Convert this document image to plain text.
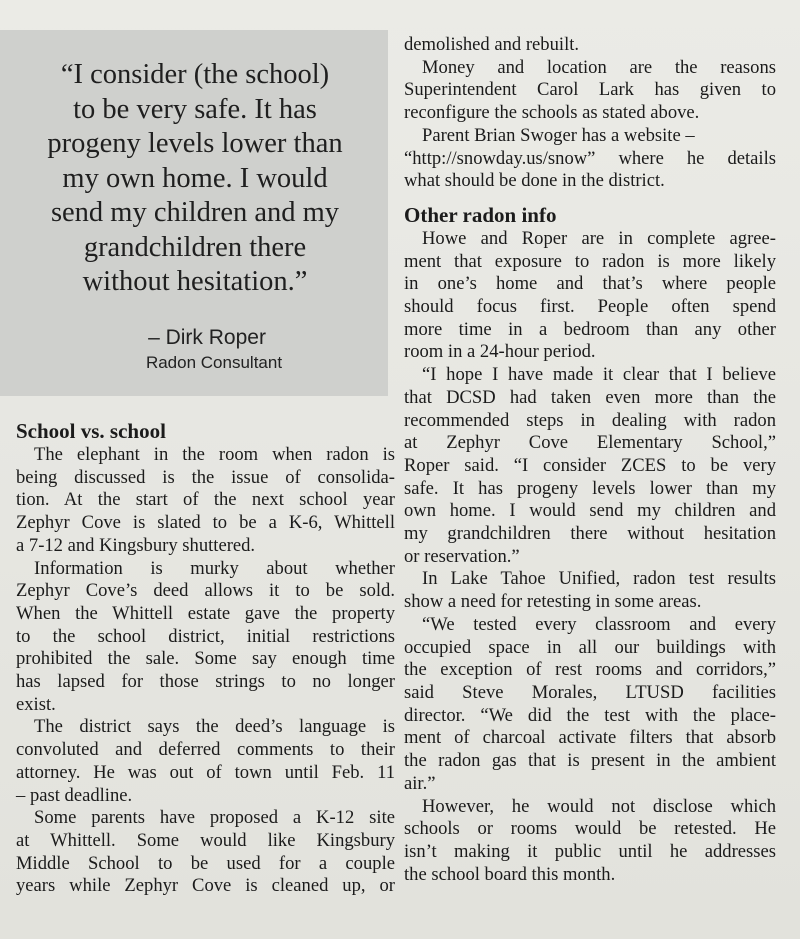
“I consider (the school)
to be very safe. It has
progeny levels lower than
my own home. I would
send my children and my
grandchildren there
without hesitation.”

– Dirk Roper
Radon Consultant
School vs. school
The elephant in the room when radon is
being discussed is the issue of consolida-
tion. At the start of the next school year
Zephyr Cove is slated to be a K-6, Whittell
a 7-12 and Kingsbury shuttered.
Information is murky about whether
Zephyr Cove’s deed allows it to be sold.
When the Whittell estate gave the property
to the school district, initial restrictions
prohibited the sale. Some say enough time
has lapsed for those strings to no longer
exist.
The district says the deed’s language is
convoluted and deferred comments to their
attorney. He was out of town until Feb. 11
– past deadline.
Some parents have proposed a K-12 site
at Whittell. Some would like Kingsbury
Middle School to be used for a couple
years while Zephyr Cove is cleaned up, or
demolished and rebuilt.
Money and location are the reasons
Superintendent Carol Lark has given to
reconfigure the schools as stated above.
Parent Brian Swoger has a website –
“http://snowday.us/snow” where he details
what should be done in the district.
Other radon info
Howe and Roper are in complete agree-
ment that exposure to radon is more likely
in one’s home and that’s where people
should focus first. People often spend
more time in a bedroom than any other
room in a 24-hour period.
“I hope I have made it clear that I believe
that DCSD had taken even more than the
recommended steps in dealing with radon
at Zephyr Cove Elementary School,”
Roper said. “I consider ZCES to be very
safe. It has progeny levels lower than my
own home. I would send my children and
my grandchildren there without hesitation
or reservation.”
In Lake Tahoe Unified, radon test results
show a need for retesting in some areas.
“We tested every classroom and every
occupied space in all our buildings with
the exception of rest rooms and corridors,”
said Steve Morales, LTUSD facilities
director. “We did the test with the place-
ment of charcoal activate filters that absorb
the radon gas that is present in the ambient
air.”
However, he would not disclose which
schools or rooms would be retested. He
isn’t making it public until he addresses
the school board this month.
